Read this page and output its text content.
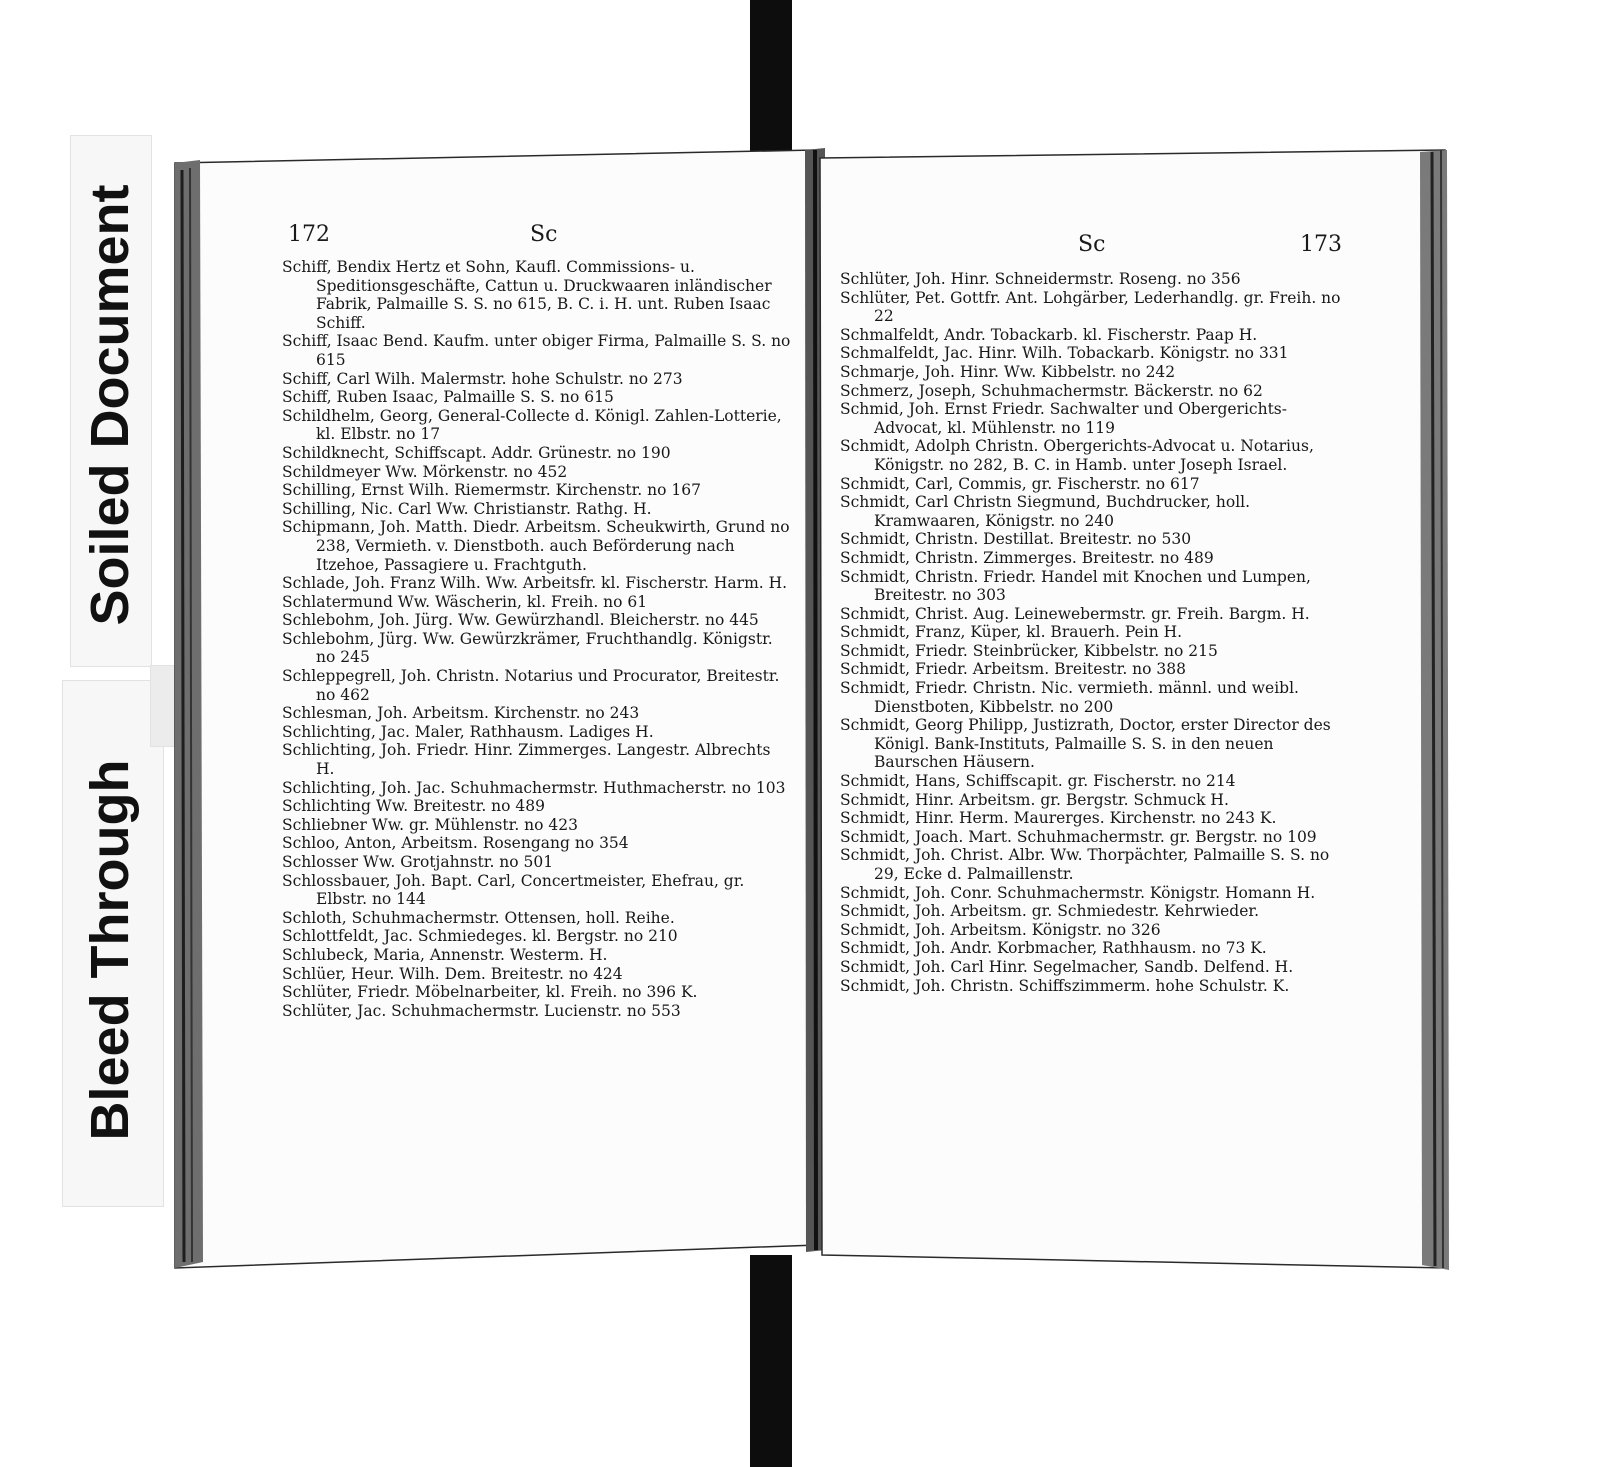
Soiled Document
Bleed Through
172	Sc
Schiff, Bendix Hertz et Sohn, Kaufl. Commissions- u. Speditionsgeschäfte, Cattun u. Druckwaaren inländischer Fabrik, Palmaille S. S. no 615, B. C. i. H. unt. Ruben Isaac Schiff.
Schiff, Isaac Bend. Kaufm. unter obiger Firma, Palmaille S. S. no 615
Schiff, Carl Wilh. Malermstr. hohe Schulstr. no 273
Schiff, Ruben Isaac, Palmaille S. S. no 615
Schildhelm, Georg, General-Collecte d. Königl. Zahlen-Lotterie, kl. Elbstr. no 17
Schildknecht, Schiffscapt. Addr. Grünestr. no 190
Schildmeyer Ww. Mörkenstr. no 452
Schilling, Ernst Wilh. Riemermstr. Kirchenstr. no 167
Schilling, Nic. Carl Ww. Christianstr. Rathg. H.
Schipmann, Joh. Matth. Diedr. Arbeitsm. Scheukwirth, Grund no 238, Vermieth. v. Dienstboth. auch Beförderung nach Itzehoe, Passagiere u. Frachtguth.
Schlade, Joh. Franz Wilh. Ww. Arbeitsfr. kl. Fischerstr. Harm. H.
Schlatermund Ww. Wäscherin, kl. Freih. no 61
Schlebohm, Joh. Jürg. Ww. Gewürzhandl. Bleicherstr. no 445
Schlebohm, Jürg. Ww. Gewürzkrämer, Fruchthandlg. Königstr. no 245
Schleppegrell, Joh. Christn. Notarius und Procurator, Breitestr. no 462
Schlesman, Joh. Arbeitsm. Kirchenstr. no 243
Schlichting, Jac. Maler, Rathhausm. Ladiges H.
Schlichting, Joh. Friedr. Hinr. Zimmerges. Langestr. Albrechts H.
Schlichting, Joh. Jac. Schuhmachermstr. Huthmacherstr. no 103
Schlichting Ww. Breitestr. no 489
Schliebner Ww. gr. Mühlenstr. no 423
Schloo, Anton, Arbeitsm. Rosengang no 354
Schlosser Ww. Grotjahnstr. no 501
Schlossbauer, Joh. Bapt. Carl, Concertmeister, Ehefrau, gr. Elbstr. no 144
Schloth, Schuhmachermstr. Ottensen, holl. Reihe.
Schlottfeldt, Jac. Schmiedeges. kl. Bergstr. no 210
Schlubeck, Maria, Annenstr. Westerm. H.
Schlüer, Heur. Wilh. Dem. Breitestr. no 424
Schlüter, Friedr. Möbelnarbeiter, kl. Freih. no 396 K.
Schlüter, Jac. Schuhmachermstr. Lucienstr. no 553
Sc	173
Schlüter, Joh. Hinr. Schneidermstr. Roseng. no 356
Schlüter, Pet. Gottfr. Ant. Lohgärber, Lederhandlg. gr. Freih. no 22
Schmalfeldt, Andr. Tobackarb. kl. Fischerstr. Paap H.
Schmalfeldt, Jac. Hinr. Wilh. Tobackarb. Königstr. no 331
Schmarje, Joh. Hinr. Ww. Kibbelstr. no 242
Schmerz, Joseph, Schuhmachermstr. Bäckerstr. no 62
Schmid, Joh. Ernst Friedr. Sachwalter und Obergerichts-Advocat, kl. Mühlenstr. no 119
Schmidt, Adolph Christn. Obergerichts-Advocat u. Notarius, Königstr. no 282, B. C. in Hamb. unter Joseph Israel.
Schmidt, Carl, Commis, gr. Fischerstr. no 617
Schmidt, Carl Christn Siegmund, Buchdrucker, holl. Kramwaaren, Königstr. no 240
Schmidt, Christn. Destillat. Breitestr. no 530
Schmidt, Christn. Zimmerges. Breitestr. no 489
Schmidt, Christn. Friedr. Handel mit Knochen und Lumpen, Breitestr. no 303
Schmidt, Christ. Aug. Leinewebermstr. gr. Freih. Bargm. H.
Schmidt, Franz, Küper, kl. Brauerh. Pein H.
Schmidt, Friedr. Steinbrücker, Kibbelstr. no 215
Schmidt, Friedr. Arbeitsm. Breitestr. no 388
Schmidt, Friedr. Christn. Nic. vermieth. männl. und weibl. Dienstboten, Kibbelstr. no 200
Schmidt, Georg Philipp, Justizrath, Doctor, erster Director des Königl. Bank-Instituts, Palmaille S. S. in den neuen Baurschen Häusern.
Schmidt, Hans, Schiffscapit. gr. Fischerstr. no 214
Schmidt, Hinr. Arbeitsm. gr. Bergstr. Schmuck H.
Schmidt, Hinr. Herm. Maurerges. Kirchenstr. no 243 K.
Schmidt, Joach. Mart. Schuhmachermstr. gr. Bergstr. no 109
Schmidt, Joh. Christ. Albr. Ww. Thorpächter, Palmaille S. S. no 29, Ecke d. Palmaillenstr.
Schmidt, Joh. Conr. Schuhmachermstr. Königstr. Homann H.
Schmidt, Joh. Arbeitsm. gr. Schmiedestr. Kehrwieder.
Schmidt, Joh. Arbeitsm. Königstr. no 326
Schmidt, Joh. Andr. Korbmacher, Rathhausm. no 73 K.
Schmidt, Joh. Carl Hinr. Segelmacher, Sandb. Delfend. H.
Schmidt, Joh. Christn. Schiffszimmerm. hohe Schulstr. K.
